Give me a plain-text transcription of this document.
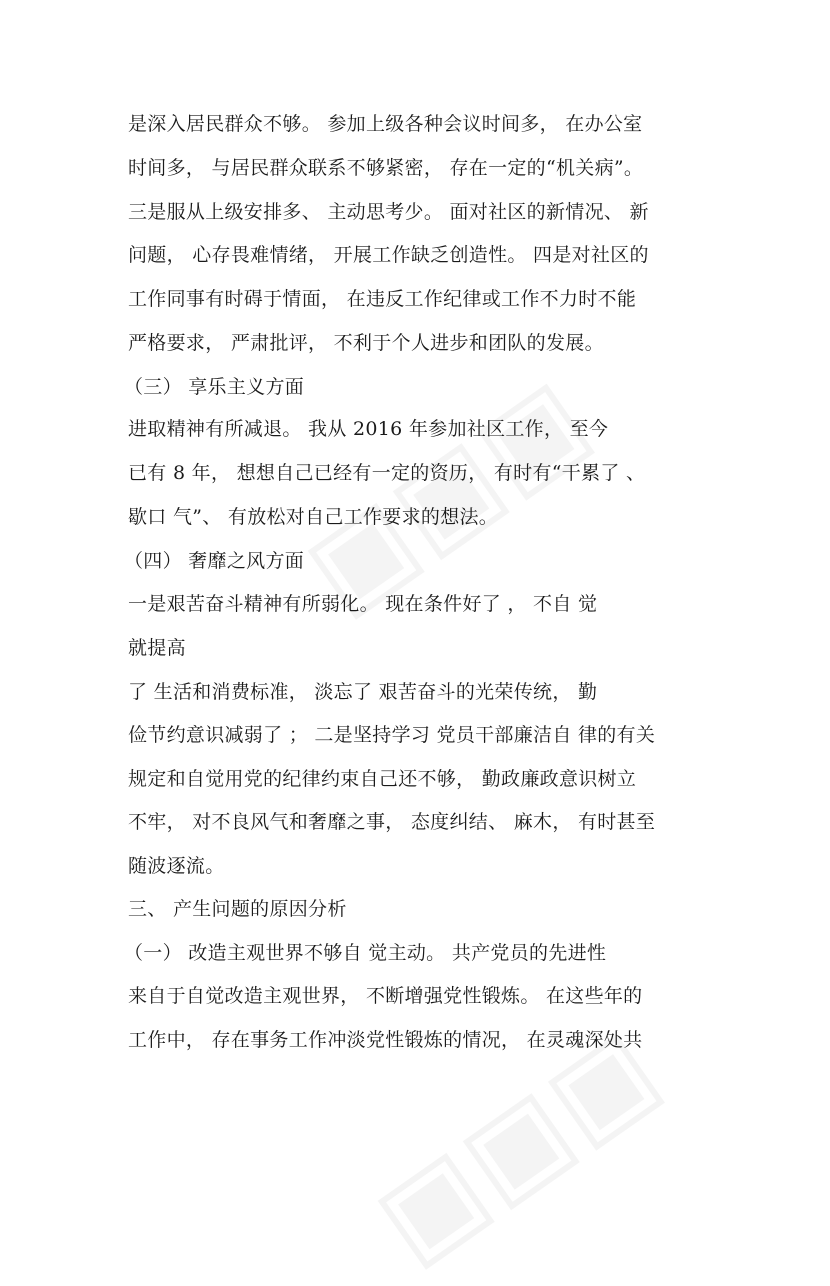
是深入居民群众不够。 参加上级各种会议时间多， 在办公室
时间多， 与居民群众联系不够紧密， 存在一定的“机关病”。
三是服从上级安排多、 主动思考少。 面对社区的新情况、 新
问题， 心存畏难情绪， 开展工作缺乏创造性。 四是对社区的
工作同事有时碍于情面， 在违反工作纪律或工作不力时不能
严格要求， 严肃批评， 不利于个人进步和团队的发展。
（三） 享乐主义方面
进取精神有所减退。 我从 2016 年参加社区工作， 至今
已有 8 年， 想想自己已经有一定的资历， 有时有“干累了 、
歇口 气”、 有放松对自己工作要求的想法。
（四） 奢靡之风方面
一是艰苦奋斗精神有所弱化。 现在条件好了 ， 不自 觉
就提高
了 生活和消费标准， 淡忘了 艰苦奋斗的光荣传统， 勤
俭节约意识减弱了 ； 二是坚持学习 党员干部廉洁自 律的有关
规定和自觉用党的纪律约束自己还不够， 勤政廉政意识树立
不牢， 对不良风气和奢靡之事， 态度纠结、 麻木， 有时甚至
随波逐流。
三、 产生问题的原因分析
（一） 改造主观世界不够自 觉主动。 共产党员的先进性
来自于自觉改造主观世界， 不断增强党性锻炼。 在这些年的
工作中， 存在事务工作冲淡党性锻炼的情况， 在灵魂深处共
